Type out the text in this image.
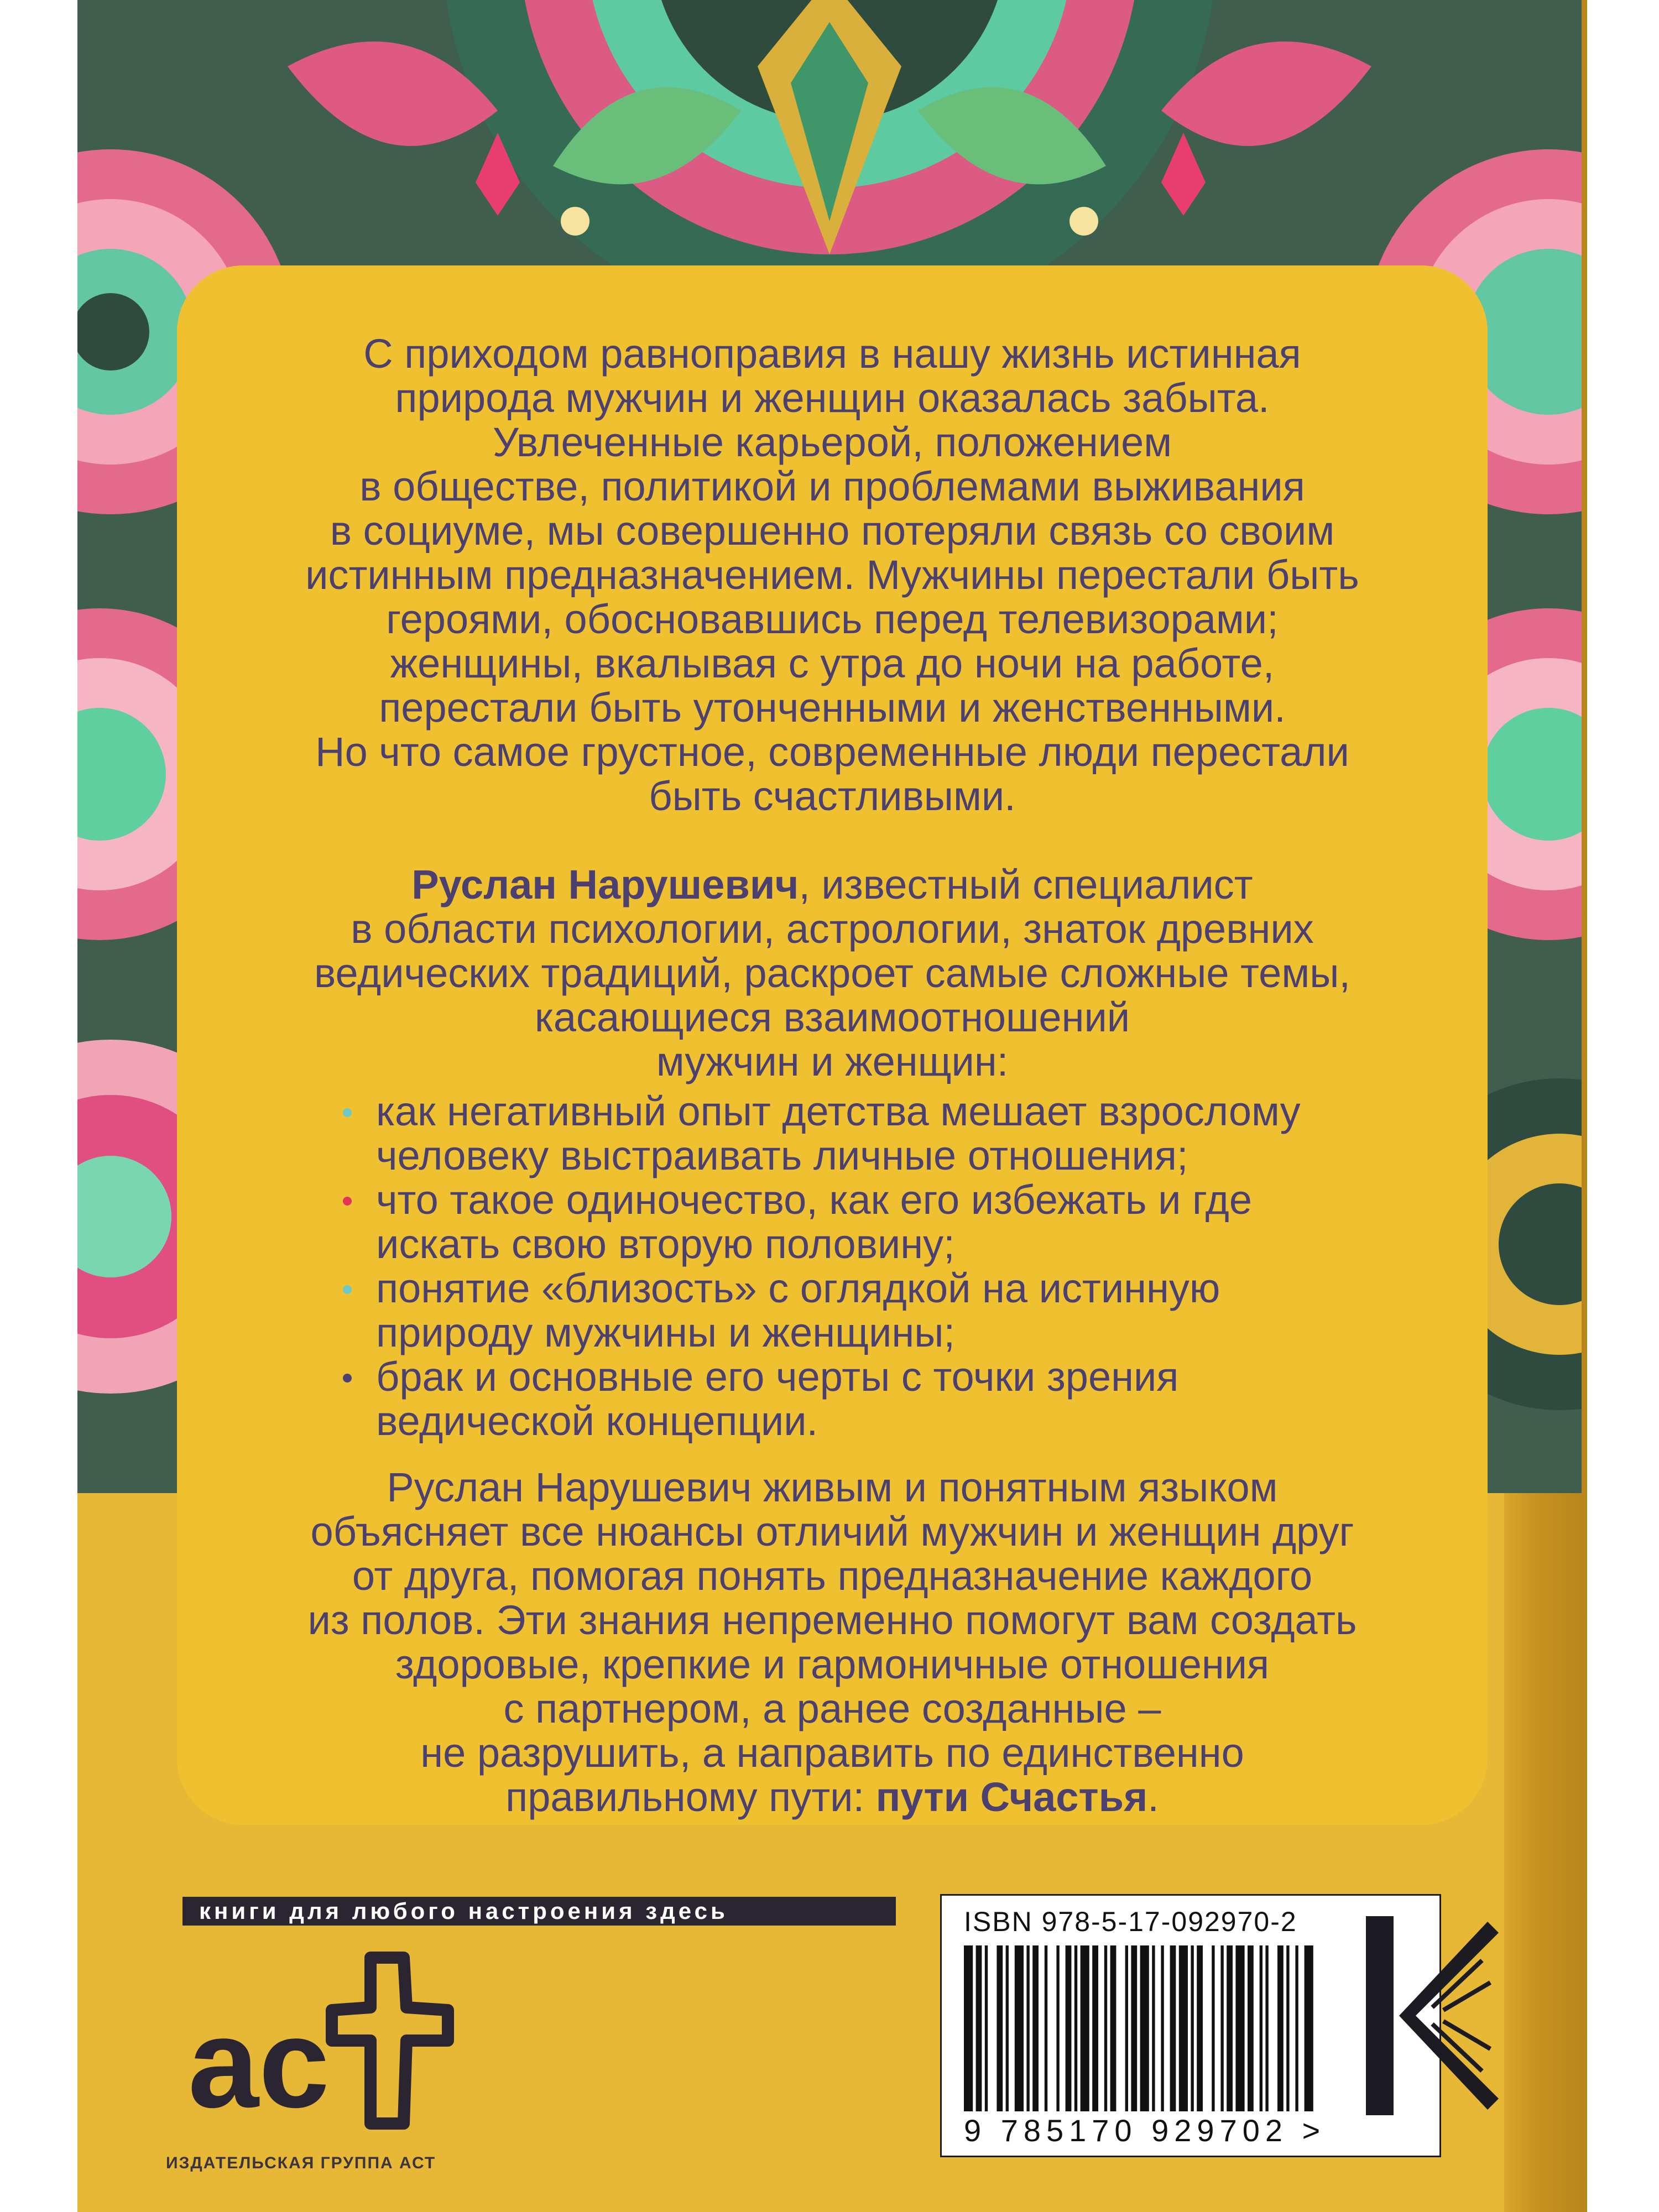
С приходом равноправия в нашу жизнь истинная
природа мужчин и женщин оказалась забыта.
Увлеченные карьерой, положением
в обществе, политикой и проблемами выживания
в социуме, мы совершенно потеряли связь со своим
истинным предназначением. Мужчины перестали быть
героями, обосновавшись перед телевизорами;
женщины, вкалывая с утра до ночи на работе,
перестали быть утонченными и женственными.
Но что самое грустное, современные люди перестали
быть счастливыми.
Руслан Нарушевич, известный специалист
в области психологии, астрологии, знаток древних
ведических традиций, раскроет самые сложные темы,
касающиеся взаимоотношений
мужчин и женщин:
как негативный опыт детства мешает взрослому
человеку выстраивать личные отношения;
что такое одиночество, как его избежать и где
искать свою вторую половину;
понятие «близость» с оглядкой на истинную
природу мужчины и женщины;
брак и основные его черты с точки зрения
ведической концепции.
Руслан Нарушевич живым и понятным языком
объясняет все нюансы отличий мужчин и женщин друг
от друга, помогая понять предназначение каждого
из полов. Эти знания непременно помогут вам создать
здоровые, крепкие и гармоничные отношения
с партнером, а ранее созданные –
не разрушить, а направить по единственно
правильному пути: пути Счастья.
книги для любого настроения здесь
ас
ИЗДАТЕЛЬСКАЯ ГРУППА АСТ
ISBN 978-5-17-092970-2
9 785170 929702 >
